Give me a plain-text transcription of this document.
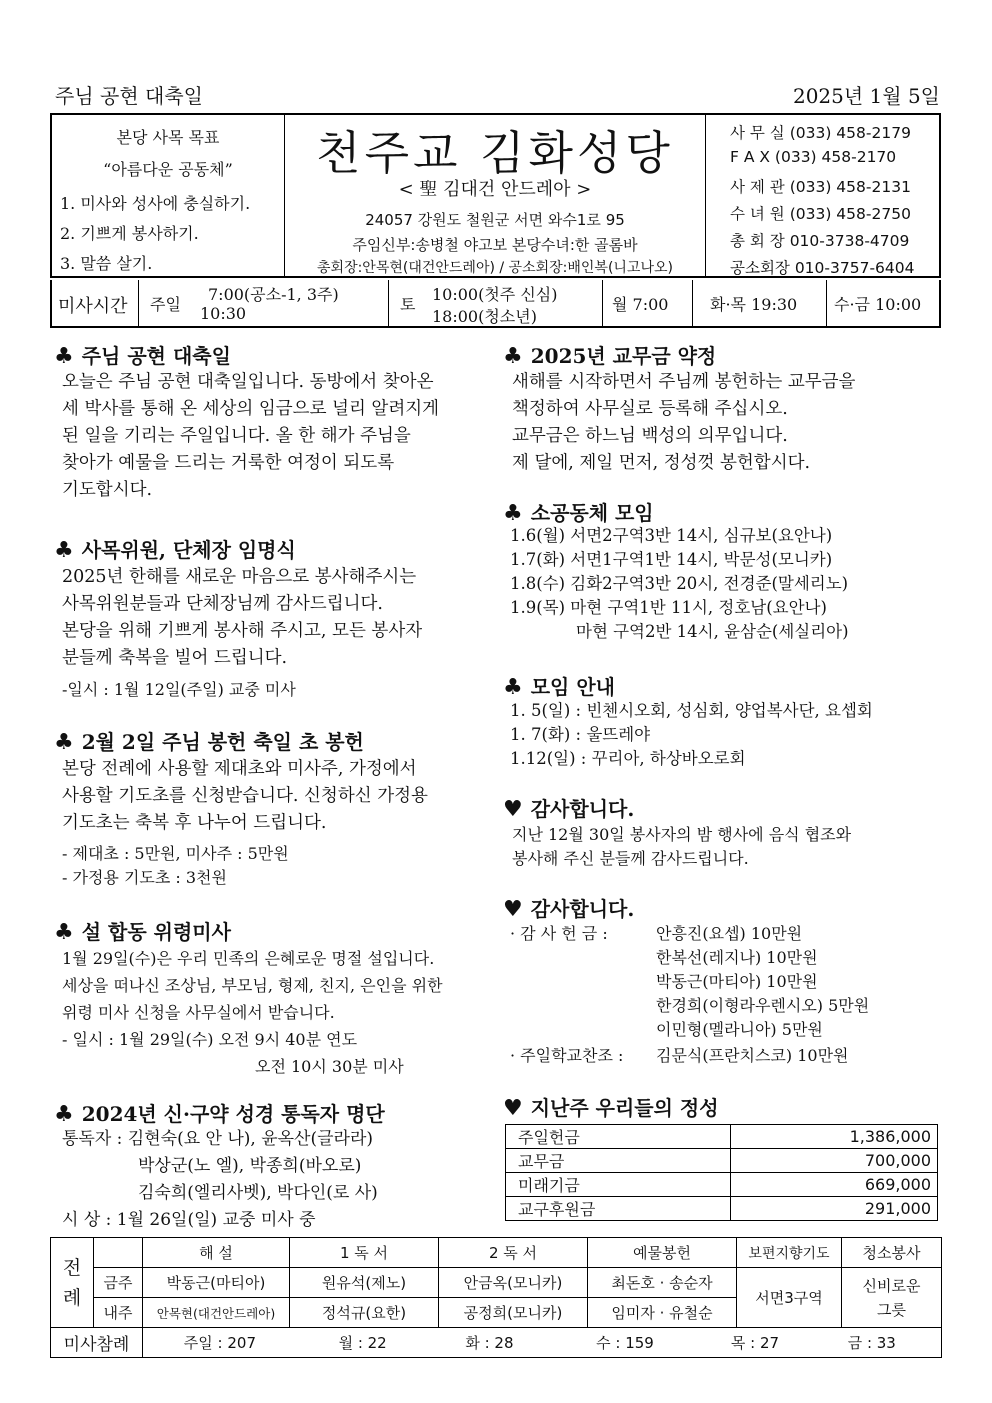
주님 공현 대축일	2025년 1월 5일
본당 사목 목표
“아름다운 공동체”
1. 미사와 성사에 충실하기.
2. 기쁘게 봉사하기.
3. 말씀 살기.
천주교 김화성당
< 聖 김대건 안드레아 >
24057 강원도 철원군 서면 와수1로 95
주임신부:송병철 야고보 본당수녀:한 골롬바
총회장:안목현(대건안드레아) / 공소회장:배인복(니고나오)
사 무 실 (033) 458-2179
F A X (033) 458-2170
사 제 관 (033) 458-2131
수 녀 원 (033) 458-2750
총 회 장 010-3738-4709
공소회장 010-3757-6404
미사시간 주일
7:00(공소-1, 3주)
10:30	토
10:00(첫주 신심)
18:00(청소년)
월 7:00	화·목 19:30 수·금 10:00
♣ 주님 공현 대축일
오늘은 주님 공현 대축일입니다. 동방에서 찾아온
세 박사를 통해 온 세상의 임금으로 널리 알려지게
된 일을 기리는 주일입니다. 올 한 해가 주님을
찾아가 예물을 드리는 거룩한 여정이 되도록
기도합시다.
♣ 사목위원, 단체장 임명식
2025년 한해를 새로운 마음으로 봉사해주시는
사목위원분들과 단체장님께 감사드립니다.
본당을 위해 기쁘게 봉사해 주시고, 모든 봉사자
분들께 축복을 빌어 드립니다.
-일시 : 1월 12일(주일) 교중 미사
♣ 2월 2일 주님 봉헌 축일 초 봉헌
본당 전례에 사용할 제대초와 미사주, 가정에서
사용할 기도초를 신청받습니다. 신청하신 가정용
기도초는 축복 후 나누어 드립니다.
- 제대초 : 5만원, 미사주 : 5만원
- 가정용 기도초 : 3천원
♣ 설 합동 위령미사
1월 29일(수)은 우리 민족의 은혜로운 명절 설입니다.
세상을 떠나신 조상님, 부모님, 형제, 친지, 은인을 위한
위령 미사 신청을 사무실에서 받습니다.
- 일시 : 1월 29일(수) 오전 9시 40분 연도
오전 10시 30분 미사
♣ 2024년 신·구약 성경 통독자 명단
통독자 : 김현숙(요 안 나), 윤옥산(글라라)
박상군(노 엘), 박종희(바오로)
김숙희(엘리사벳), 박다인(로 사)
시 상 : 1월 26일(일) 교중 미사 중
♣ 2025년 교무금 약정
새해를 시작하면서 주님께 봉헌하는 교무금을
책정하여 사무실로 등록해 주십시오.
교무금은 하느님 백성의 의무입니다.
제 달에, 제일 먼저, 정성껏 봉헌합시다.
♣ 소공동체 모임
1.6(월) 서면2구역3반 14시, 심규보(요안나)
1.7(화) 서면1구역1반 14시, 박문성(모니카)
1.8(수) 김화2구역3반 20시, 전경준(말세리노)
1.9(목) 마현 구역1반 11시, 정호남(요안나)
마현 구역2반 14시, 윤삼순(세실리아)
♣ 모임 안내
1. 5(일) : 빈첸시오회, 성심회, 양업복사단, 요셉회
1. 7(화) : 울뜨레야
1.12(일) : 꾸리아, 하상바오로회
♥ 감사합니다.
지난 12월 30일 봉사자의 밤 행사에 음식 협조와
봉사해 주신 분들께 감사드립니다.
♥ 감사합니다.
· 감 사 헌 금 :	안흥진(요셉) 10만원
한복선(레지나) 10만원
박동근(마티아) 10만원
한경희(이형라우렌시오) 5만원
이민형(멜라니아) 5만원
· 주일학교찬조 : 김문식(프란치스코) 10만원
♥ 지난주 우리들의 정성
주일헌금	1,386,000
교무금	700,000
미래기금	669,000
교구후원금	291,000
전례		해 설	1 독 서	2 독 서	예물봉헌	보편지향기도	청소봉사
	금주	박동근(마티아)	원유석(제노)	안금옥(모니카)	최돈호 · 송순자	서면3구역	신비로운 그릇
	내주	안목현(대건안드레아)	정석규(요한)	공정희(모니카)	임미자 · 유철순		
미사참례		주일 : 207 월 : 22 화 : 28 수 : 159 목 : 27 금 : 33					
